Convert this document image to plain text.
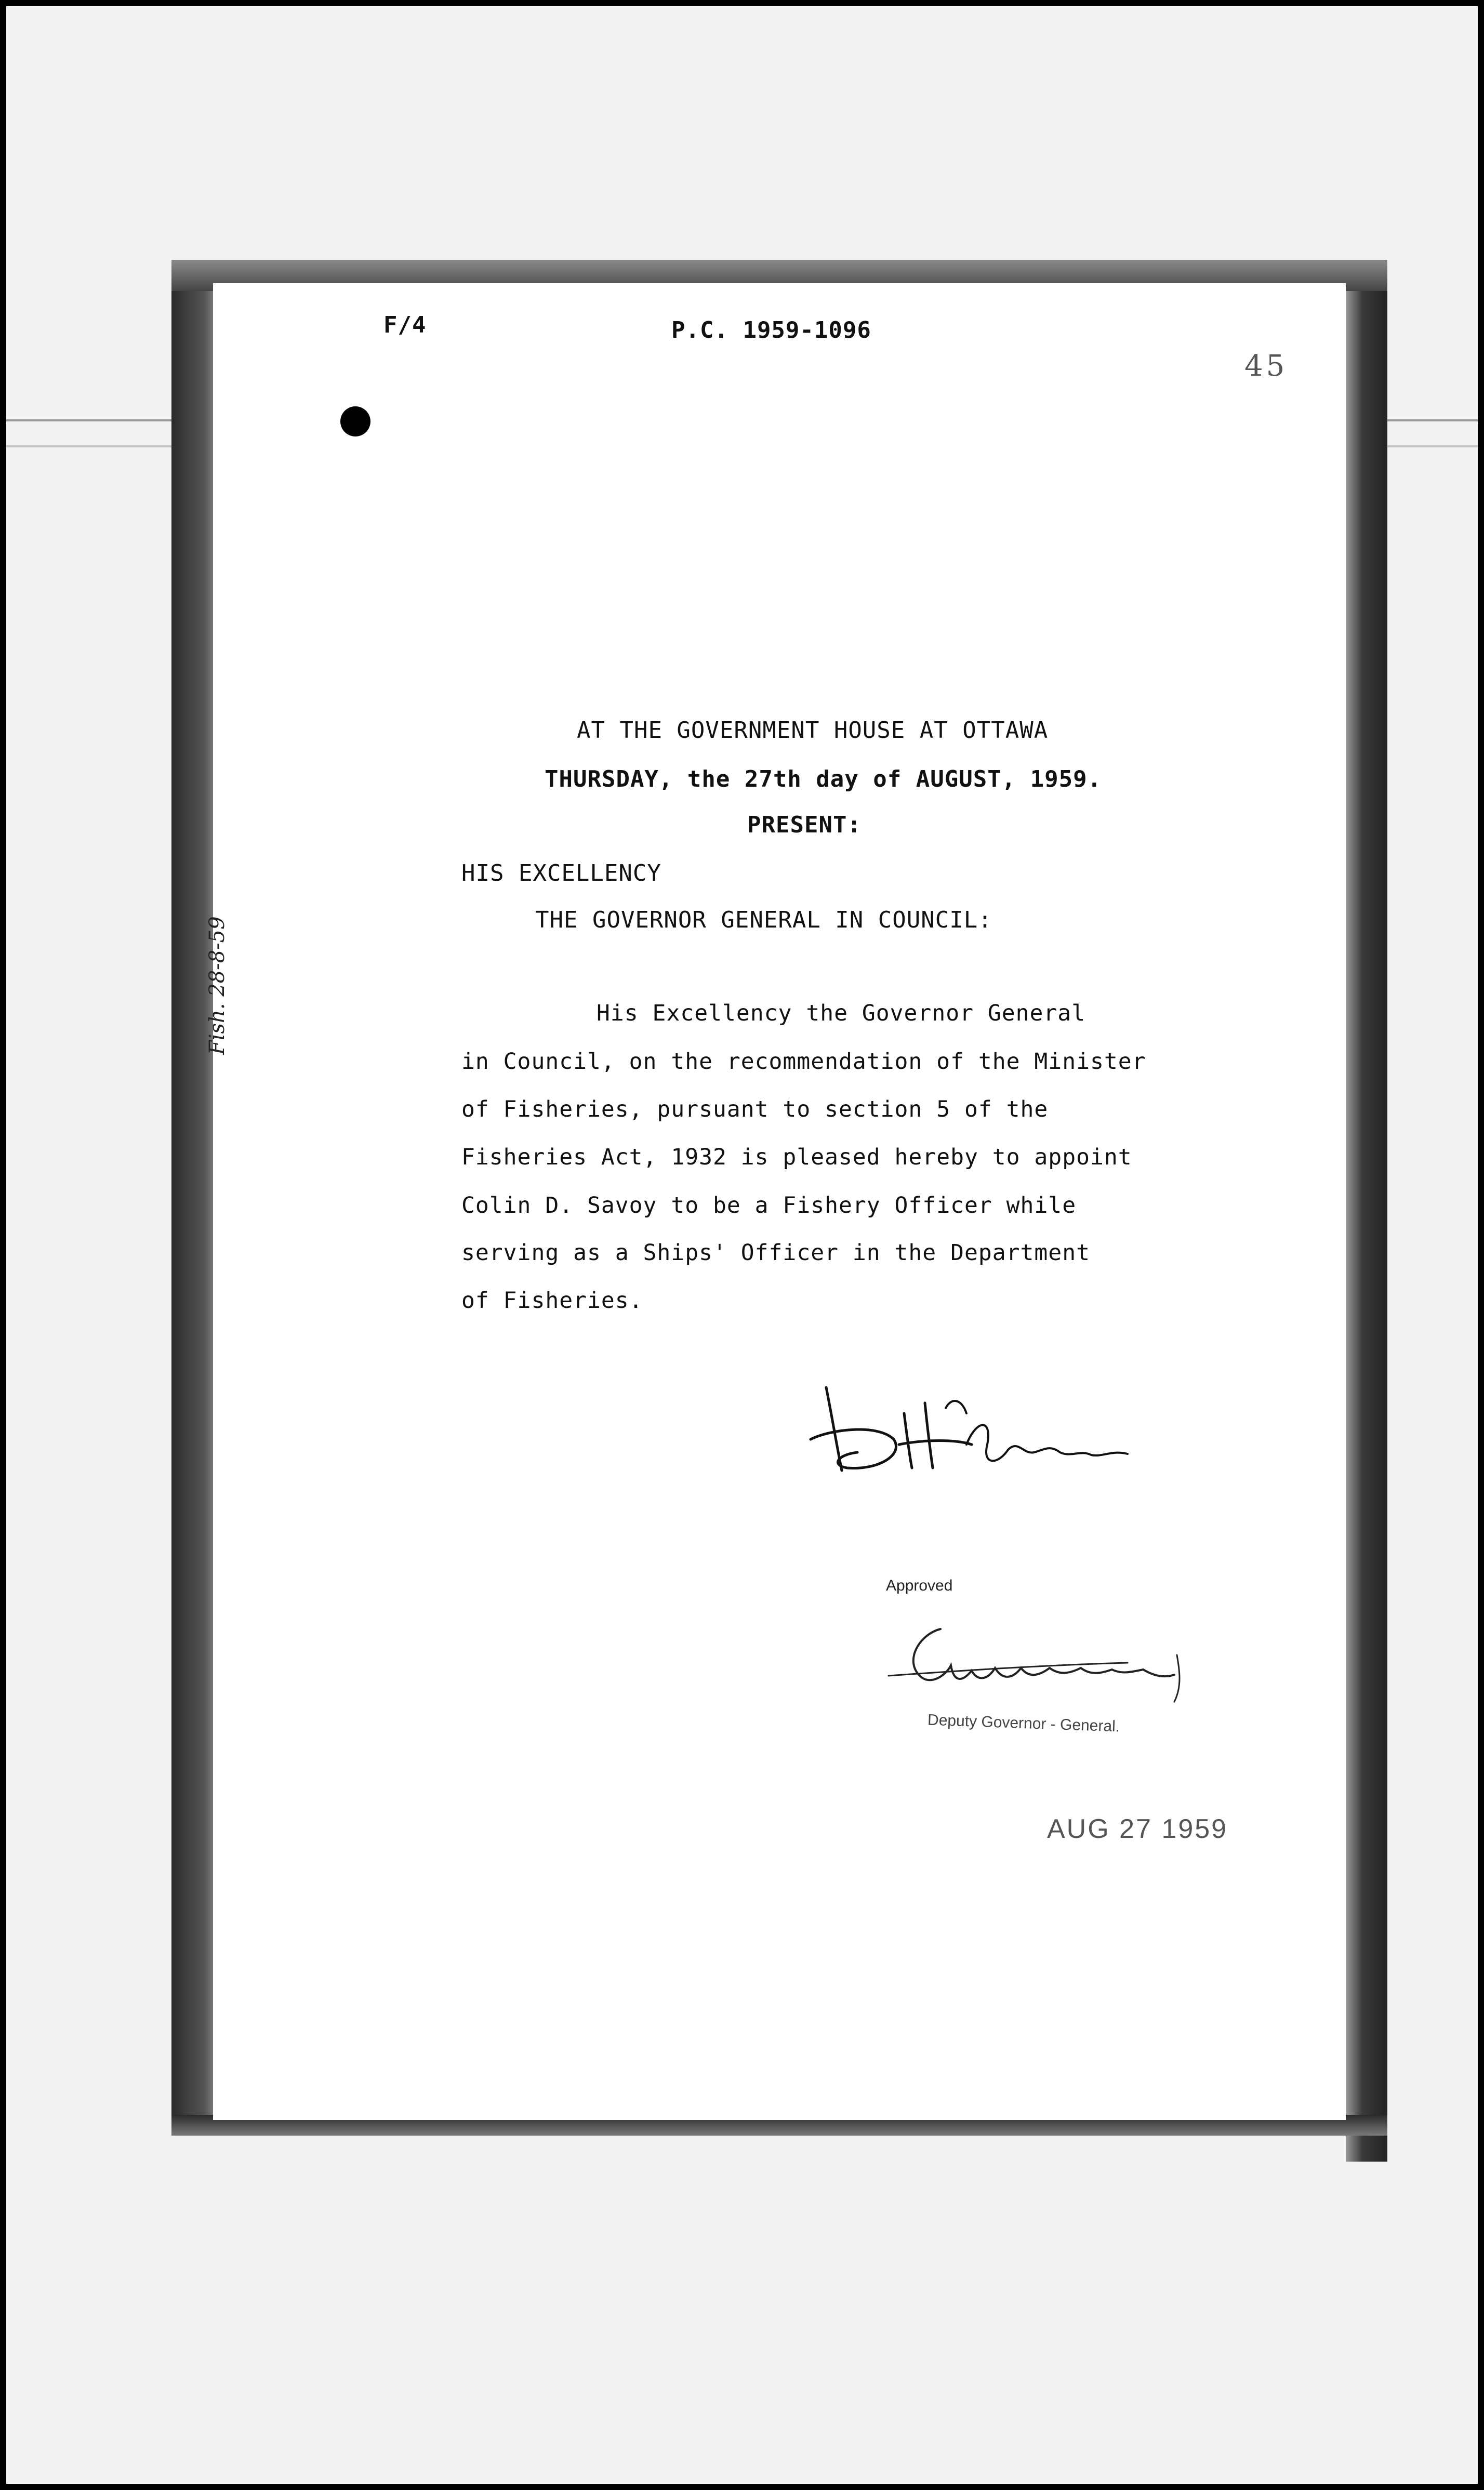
F/4	P.C. 1959-1096
45
AT THE GOVERNMENT HOUSE AT OTTAWA
THURSDAY, the 27th day of AUGUST, 1959.
PRESENT:
HIS EXCELLENCY
THE GOVERNOR GENERAL IN COUNCIL:
His Excellency the Governor General
in Council, on the recommendation of the Minister
of Fisheries, pursuant to section 5 of the
Fisheries Act, 1932 is pleased hereby to appoint
Colin D. Savoy to be a Fishery Officer while
serving as a Ships' Officer in the Department
of Fisheries.
Fish. 28-8-59
Approved
Deputy Governor - General.
AUG 27 1959
